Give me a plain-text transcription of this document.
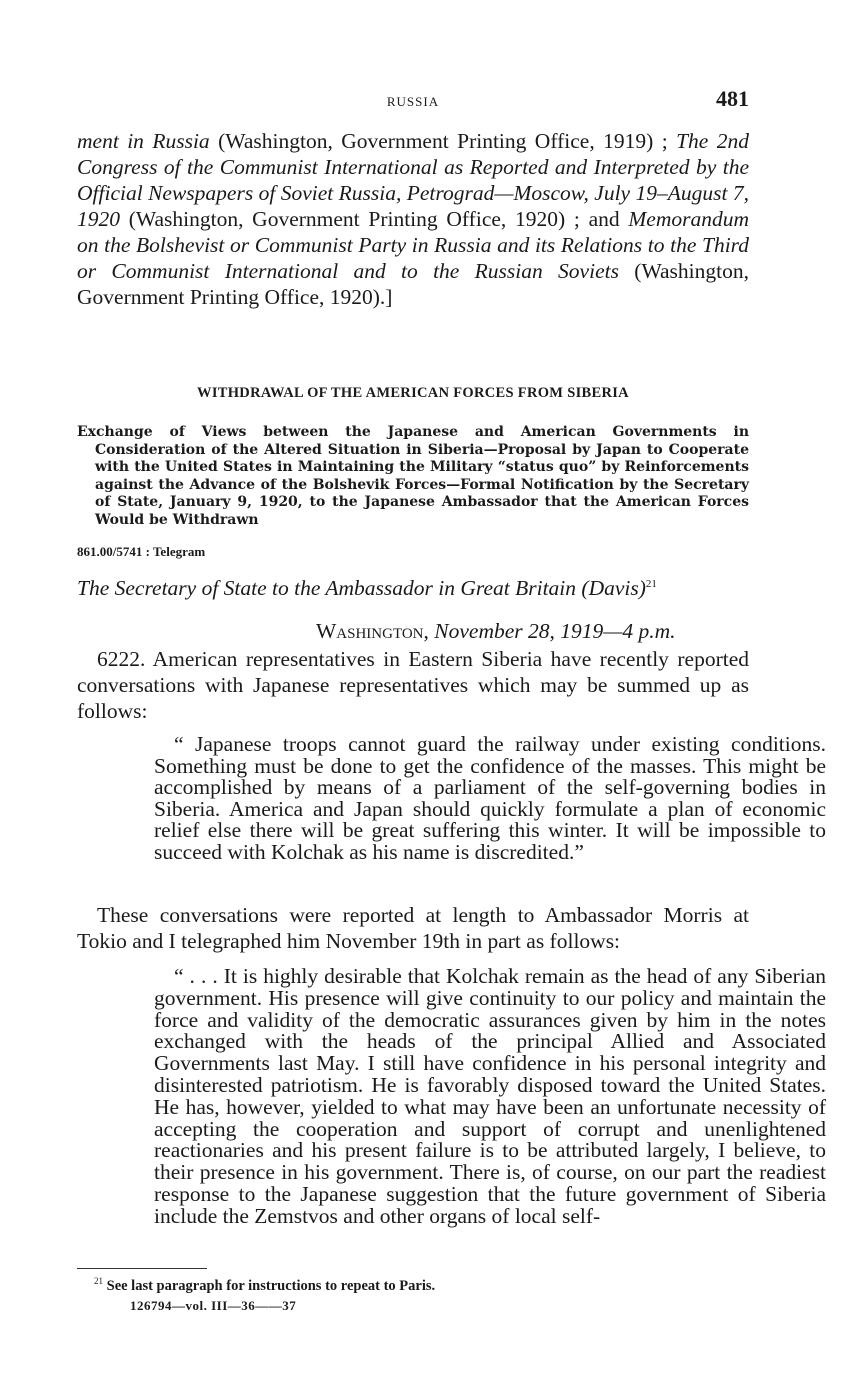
RUSSIA	481

ment in Russia (Washington, Government Printing Office, 1919) ; The 2nd Congress of the Communist International as Reported and Interpreted by the Official Newspapers of Soviet Russia, Petrograd—Moscow, July 19–August 7, 1920 (Washington, Government Printing Office, 1920) ; and Memorandum on the Bolshevist or Communist Party in Russia and its Relations to the Third or Communist International and to the Russian Soviets (Washington, Government Printing Office, 1920).]

WITHDRAWAL OF THE AMERICAN FORCES FROM SIBERIA
Exchange of Views between the Japanese and American Governments in Consideration of the Altered Situation in Siberia—Proposal by Japan to Cooperate with the United States in Maintaining the Military “status quo” by Reinforcements against the Advance of the Bolshevik Forces—Formal Notification by the Secretary of State, January 9, 1920, to the Japanese Ambassador that the American Forces Would be Withdrawn
861.00/5741 : Telegram
The Secretary of State to the Ambassador in Great Britain (Davis)$^{21}$
Washington, November 28, 1919—4 p.m.

6222. American representatives in Eastern Siberia have recently reported conversations with Japanese representatives which may be summed up as follows:

“ Japanese troops cannot guard the railway under existing conditions. Something must be done to get the confidence of the masses. This might be accomplished by means of a parliament of the self-governing bodies in Siberia. America and Japan should quickly formulate a plan of economic relief else there will be great suffering this winter. It will be impossible to succeed with Kolchak as his name is discredited.”

These conversations were reported at length to Ambassador Morris at Tokio and I telegraphed him November 19th in part as follows:

“ . . . It is highly desirable that Kolchak remain as the head of any Siberian government. His presence will give continuity to our policy and maintain the force and validity of the democratic assurances given by him in the notes exchanged with the heads of the principal Allied and Associated Governments last May. I still have confidence in his personal integrity and disinterested patriotism. He is favorably disposed toward the United States. He has, however, yielded to what may have been an unfortunate necessity of accepting the cooperation and support of corrupt and unenlightened reactionaries and his present failure is to be attributed largely, I believe, to their presence in his government. There is, of course, on our part the readiest response to the Japanese suggestion that the future government of Siberia include the Zemstvos and other organs of local self-

$^{21}$ See last paragraph for instructions to repeat to Paris.
126794—vol. III—36——37
